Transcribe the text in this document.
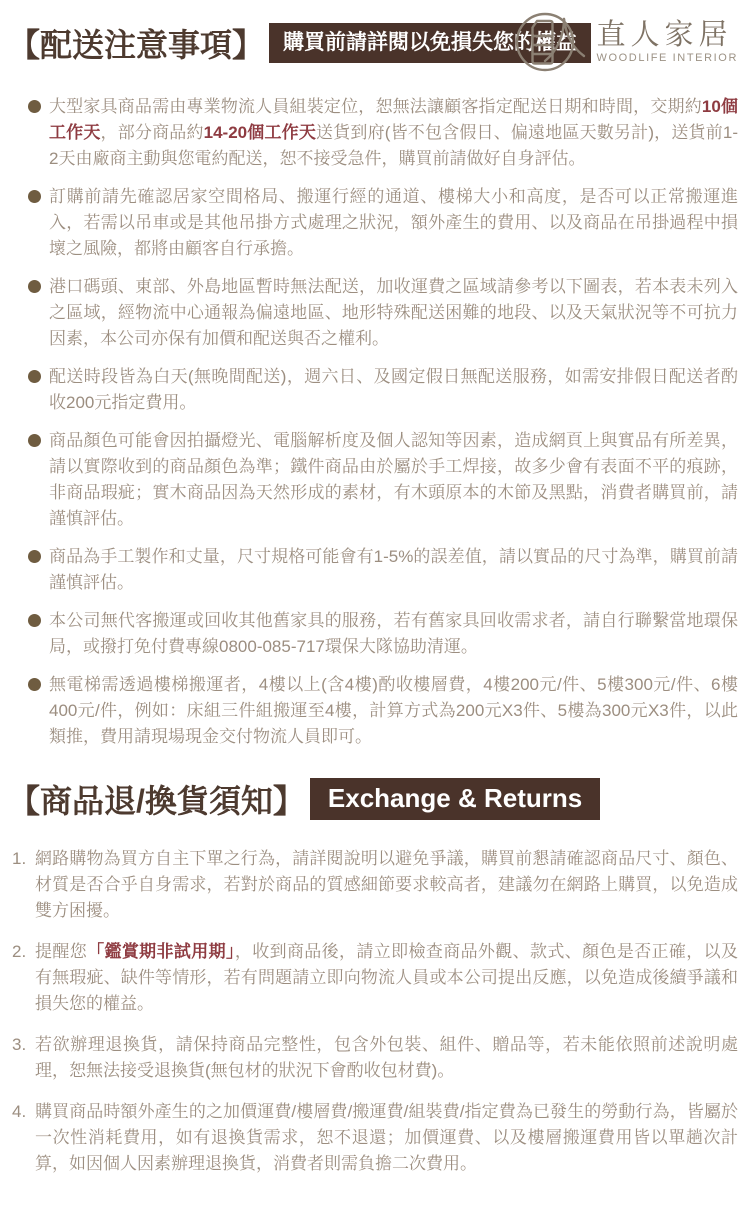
【配送注意事項】 購買前請詳閱以免損失您的權益 直人家居
WOODLIFE INTERIOR
大型家具商品需由專業物流人員組裝定位，恕無法讓顧客指定配送日期和時間，交期約10個工作天，部分商品約14-20個工作天送貨到府(皆不包含假日、偏遠地區天數另計)，送貨前1-2天由廠商主動與您電約配送，恕不接受急件，購買前請做好自身評估。
訂購前請先確認居家空間格局、搬運行經的通道、樓梯大小和高度，是否可以正常搬運進入，若需以吊車或是其他吊掛方式處理之狀況，額外產生的費用、以及商品在吊掛過程中損壞之風險，都將由顧客自行承擔。
港口碼頭、東部、外島地區暫時無法配送，加收運費之區域請參考以下圖表，若本表未列入之區域，經物流中心通報為偏遠地區、地形特殊配送困難的地段、以及天氣狀況等不可抗力因素，本公司亦保有加價和配送與否之權利。
配送時段皆為白天(無晚間配送)，週六日、及國定假日無配送服務，如需安排假日配送者酌收200元指定費用。
商品顏色可能會因拍攝燈光、電腦解析度及個人認知等因素，造成網頁上與實品有所差異，請以實際收到的商品顏色為準；鐵件商品由於屬於手工焊接，故多少會有表面不平的痕跡，非商品瑕疵；實木商品因為天然形成的素材，有木頭原本的木節及黑點，消費者購買前，請謹慎評估。
商品為手工製作和丈量，尺寸規格可能會有1-5%的誤差值，請以實品的尺寸為準，購買前請謹慎評估。
本公司無代客搬運或回收其他舊家具的服務，若有舊家具回收需求者，請自行聯繫當地環保局，或撥打免付費專線0800-085-717環保大隊協助清運。
無電梯需透過樓梯搬運者，4樓以上(含4樓)酌收樓層費，4樓200元/件、5樓300元/件、6樓400元/件，例如：床組三件組搬運至4樓，計算方式為200元X3件、5樓為300元X3件，以此類推，費用請現場現金交付物流人員即可。
【商品退/換貨須知】 Exchange & Returns
1. 網路購物為買方自主下單之行為，請詳閱說明以避免爭議，購買前懇請確認商品尺寸、顏色、材質是否合乎自身需求，若對於商品的質感細節要求較高者，建議勿在網路上購買，以免造成雙方困擾。
2. 提醒您「鑑賞期非試用期」，收到商品後，請立即檢查商品外觀、款式、顏色是否正確，以及有無瑕疵、缺件等情形，若有問題請立即向物流人員或本公司提出反應，以免造成後續爭議和損失您的權益。
3. 若欲辦理退換貨，請保持商品完整性，包含外包裝、組件、贈品等，若未能依照前述說明處理，恕無法接受退換貨(無包材的狀況下會酌收包材費)。
4. 購買商品時額外產生的之加價運費/樓層費/搬運費/組裝費/指定費為已發生的勞動行為，皆屬於一次性消耗費用，如有退換貨需求，恕不退還；加價運費、以及樓層搬運費用皆以單趟次計算，如因個人因素辦理退換貨，消費者則需負擔二次費用。
